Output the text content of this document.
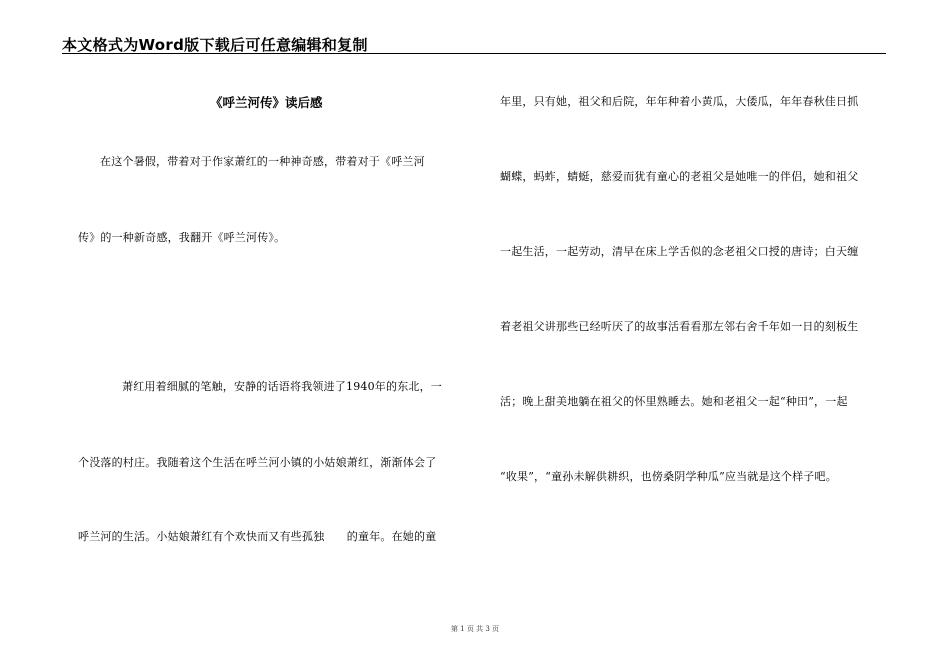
本文格式为Word版下载后可任意编辑和复制
《呼兰河传》读后感
在这个暑假，带着对于作家萧红的一种神奇感，带着对于《呼兰河
传》的一种新奇感，我翻开《呼兰河传》。
萧红用着细腻的笔触，安静的话语将我领进了1940年的东北，一
个没落的村庄。我随着这个生活在呼兰河小镇的小姑娘萧红，渐渐体会了
呼兰河的生活。小姑娘萧红有个欢快而又有些孤独　　的童年。在她的童
年里，只有她，祖父和后院，年年种着小黄瓜，大倭瓜，年年春秋佳日抓
蝴蝶，蚂蚱，蜻蜓，慈爱而犹有童心的老祖父是她唯一的伴侣，她和祖父
一起生活，一起劳动，清早在床上学舌似的念老祖父口授的唐诗；白天缠
着老祖父讲那些已经听厌了的故事活看看那左邻右舍千年如一日的刻板生
活；晚上甜美地躺在祖父的怀里熟睡去。她和老祖父一起“种田”，一起
“收果”，“童孙未解供耕织，也傍桑阴学种瓜”应当就是这个样子吧。
第 1 页 共 3 页
